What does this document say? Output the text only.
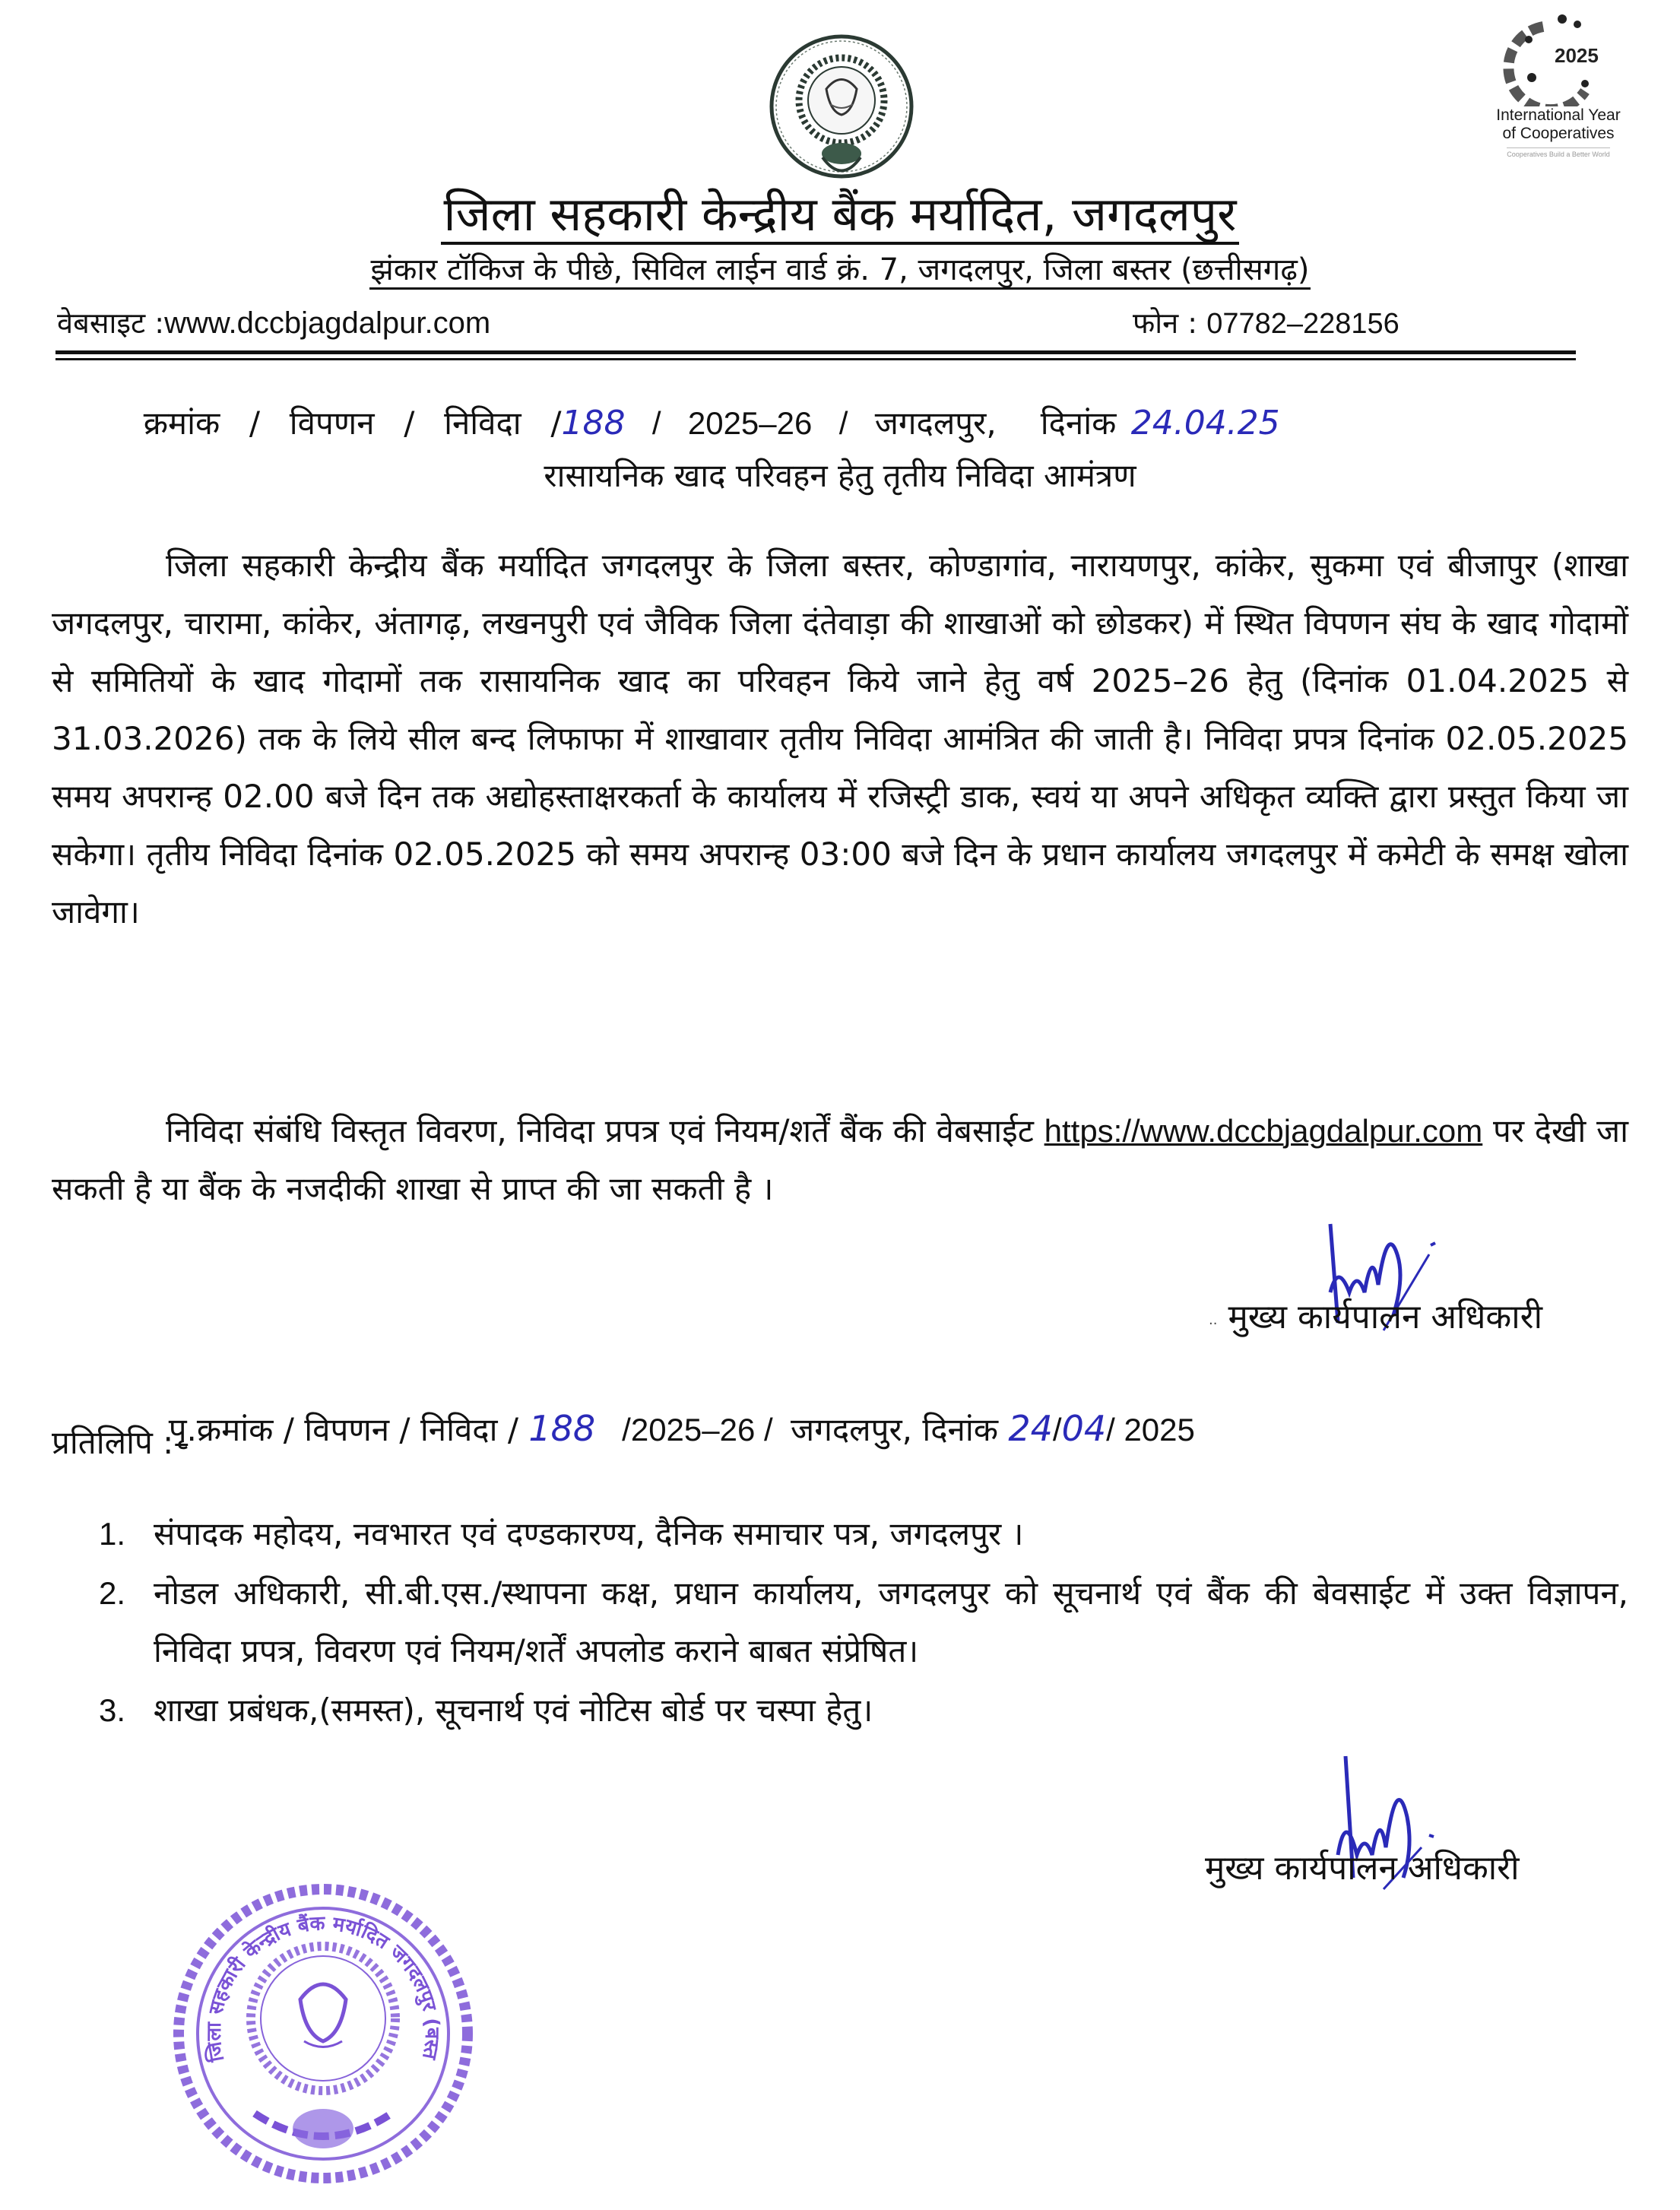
2025
International Year
of Cooperatives
Cooperatives Build a Better World
जिला सहकारी केन्द्रीय बैंक मर्यादित, जगदलपुर
झंकार टॉकिज के पीछे, सिविल लाईन वार्ड क्रं. 7, जगदलपुर, जिला बस्तर (छत्तीसगढ़)
वेबसाइट :www.dccbjagdalpur.com	फोन : 07782–228156

क्रमांक  /  विपणन  /  निविदा  /188  /  2025–26  /  जगदलपुर,   दिनांक 24.04.25

रासायनिक खाद परिवहन हेतु तृतीय निविदा आमंत्रण
जिला सहकारी केन्द्रीय बैंक मर्यादित जगदलपुर के जिला बस्तर, कोण्डागांव, नारायणपुर, कांकेर, सुकमा एवं बीजापुर (शाखा जगदलपुर, चारामा, कांकेर, अंतागढ़, लखनपुरी एवं जैविक जिला दंतेवाड़ा की शाखाओं को छोडकर) में स्थित विपणन संघ के खाद गोदामों से समितियों के खाद गोदामों तक रासायनिक खाद का परिवहन किये जाने हेतु वर्ष 2025–26 हेतु (दिनांक 01.04.2025 से 31.03.2026) तक के लिये सील बन्द लिफाफा में शाखावार तृतीय निविदा आमंत्रित की जाती है। निविदा प्रपत्र दिनांक 02.05.2025 समय अपरान्ह 02.00 बजे दिन तक अद्योहस्ताक्षरकर्ता के कार्यालय में रजिस्ट्री डाक, स्वयं या अपने अधिकृत व्यक्ति द्वारा प्रस्तुत किया जा सकेगा। तृतीय निविदा दिनांक 02.05.2025 को समय अपरान्ह 03:00 बजे दिन के प्रधान कार्यालय जगदलपुर में कमेटी के समक्ष खोला जावेगा।
निविदा संबंधि विस्तृत विवरण, निविदा प्रपत्र एवं नियम/शर्तें बैंक की वेबसाईट https://www.dccbjagdalpur.com पर देखी जा सकती है या बैंक के नजदीकी शाखा से प्राप्त की जा सकती है ।
·· मुख्य कार्यपालन अधिकारी

पृ.क्रमांक / विपणन / निविदा / 188   /2025–26 /  जगदलपुर, दिनांक 24/04/ 2025

प्रतिलिपि :–
1. संपादक महोदय, नवभारत एवं दण्डकारण्य, दैनिक समाचार पत्र, जगदलपुर ।
2. नोडल अधिकारी, सी.बी.एस./स्थापना कक्ष, प्रधान कार्यालय, जगदलपुर को सूचनार्थ एवं बैंक की बेवसाईट में उक्त विज्ञापन, निविदा प्रपत्र, विवरण एवं नियम/शर्तें अपलोड कराने बाबत संप्रेषित।
3. शाखा प्रबंधक,(समस्त), सूचनार्थ एवं नोटिस बोर्ड पर चस्पा हेतु।
मुख्य कार्यपालन अधिकारी
जिला सहकारी केन्द्रीय बैंक मर्यादित जगदलपुर (बस्त
